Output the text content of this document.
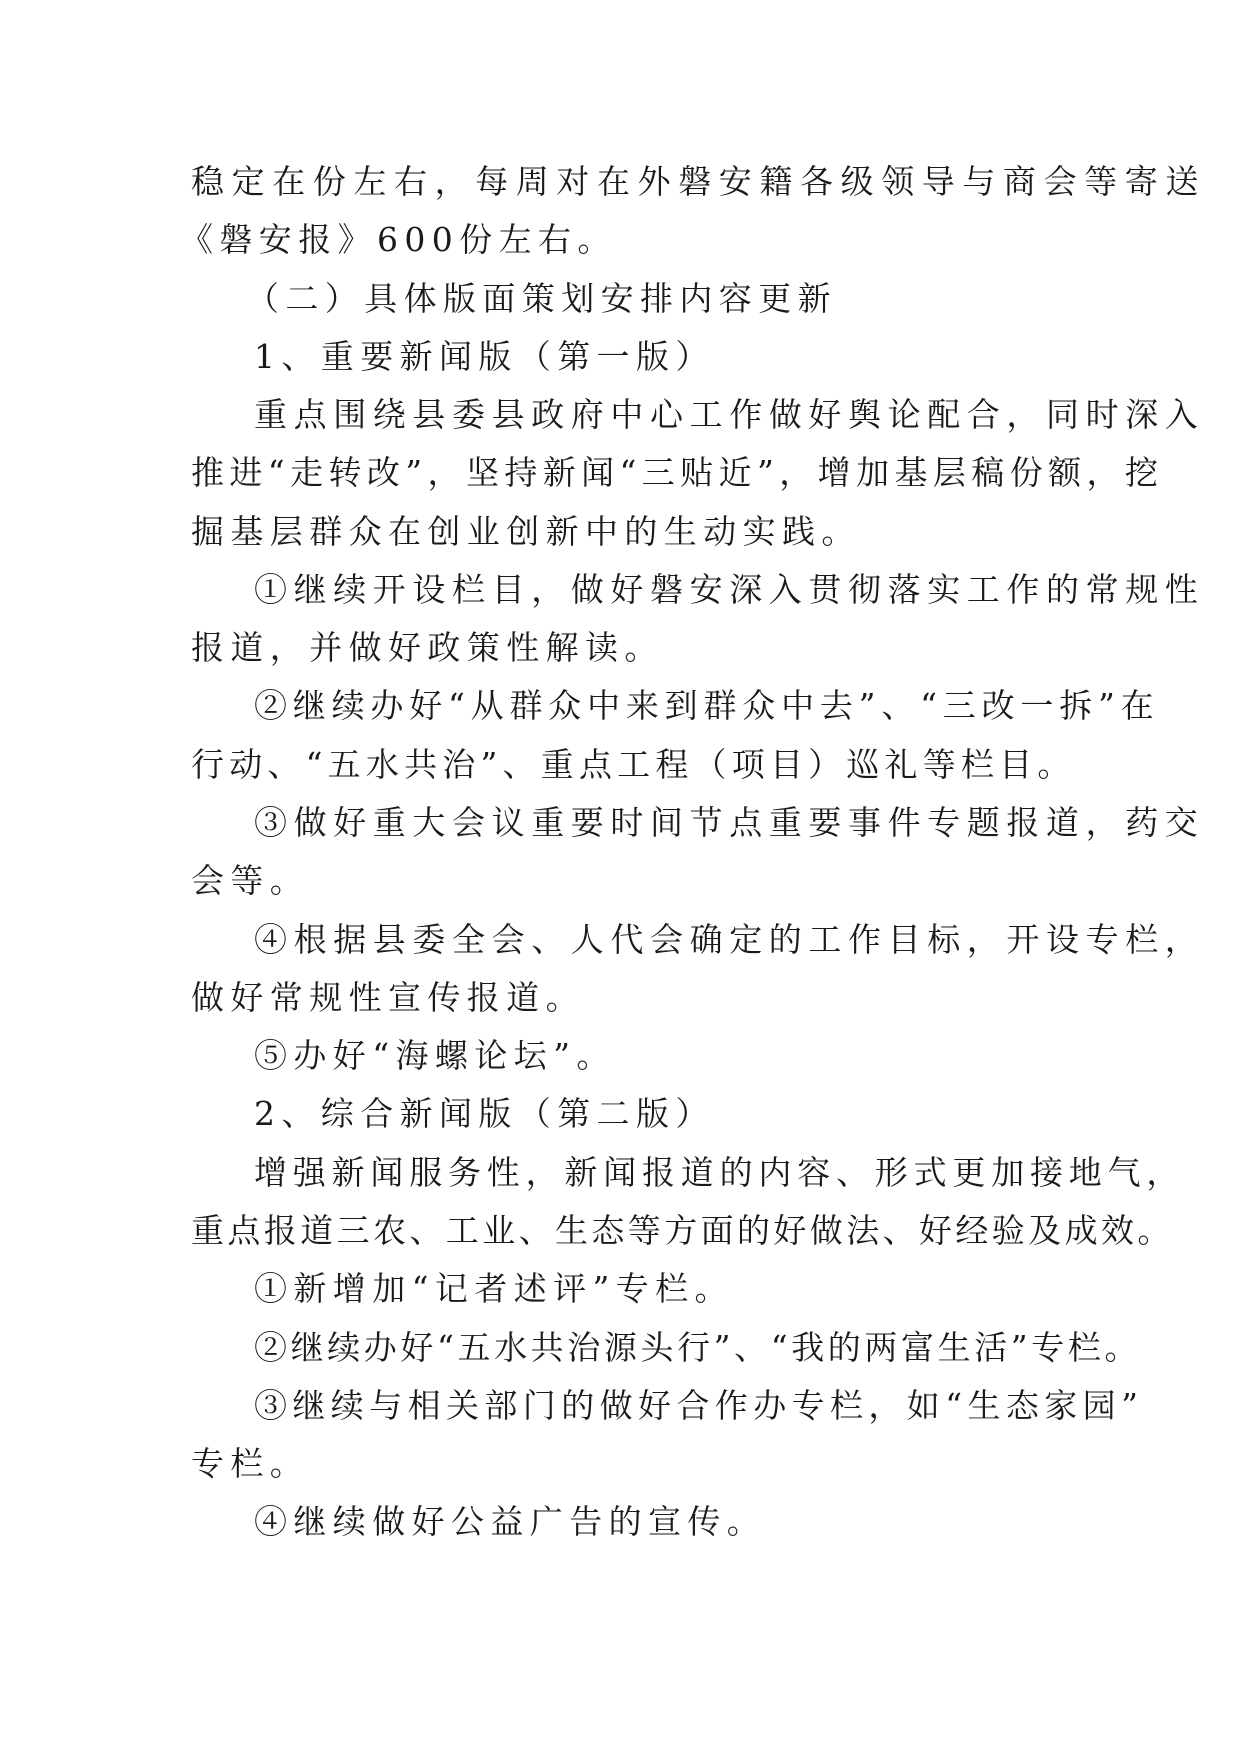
稳定在份左右，每周对在外磐安籍各级领导与商会等寄送
《磐安报》600份左右。
（二）具体版面策划安排内容更新
1、重要新闻版（第一版）
重点围绕县委县政府中心工作做好舆论配合，同时深入
推进“走转改”，坚持新闻“三贴近”，增加基层稿份额，挖
掘基层群众在创业创新中的生动实践。
①继续开设栏目，做好磐安深入贯彻落实工作的常规性
报道，并做好政策性解读。
②继续办好“从群众中来到群众中去”、“三改一拆”在
行动、“五水共治”、重点工程（项目）巡礼等栏目。
③做好重大会议重要时间节点重要事件专题报道，药交
会等。
④根据县委全会、人代会确定的工作目标，开设专栏，
做好常规性宣传报道。
⑤办好“海螺论坛”。
2、综合新闻版（第二版）
增强新闻服务性，新闻报道的内容、形式更加接地气，
重点报道三农、工业、生态等方面的好做法、好经验及成效。
①新增加“记者述评”专栏。
②继续办好“五水共治源头行”、“我的两富生活”专栏。
③继续与相关部门的做好合作办专栏，如“生态家园”
专栏。
④继续做好公益广告的宣传。
